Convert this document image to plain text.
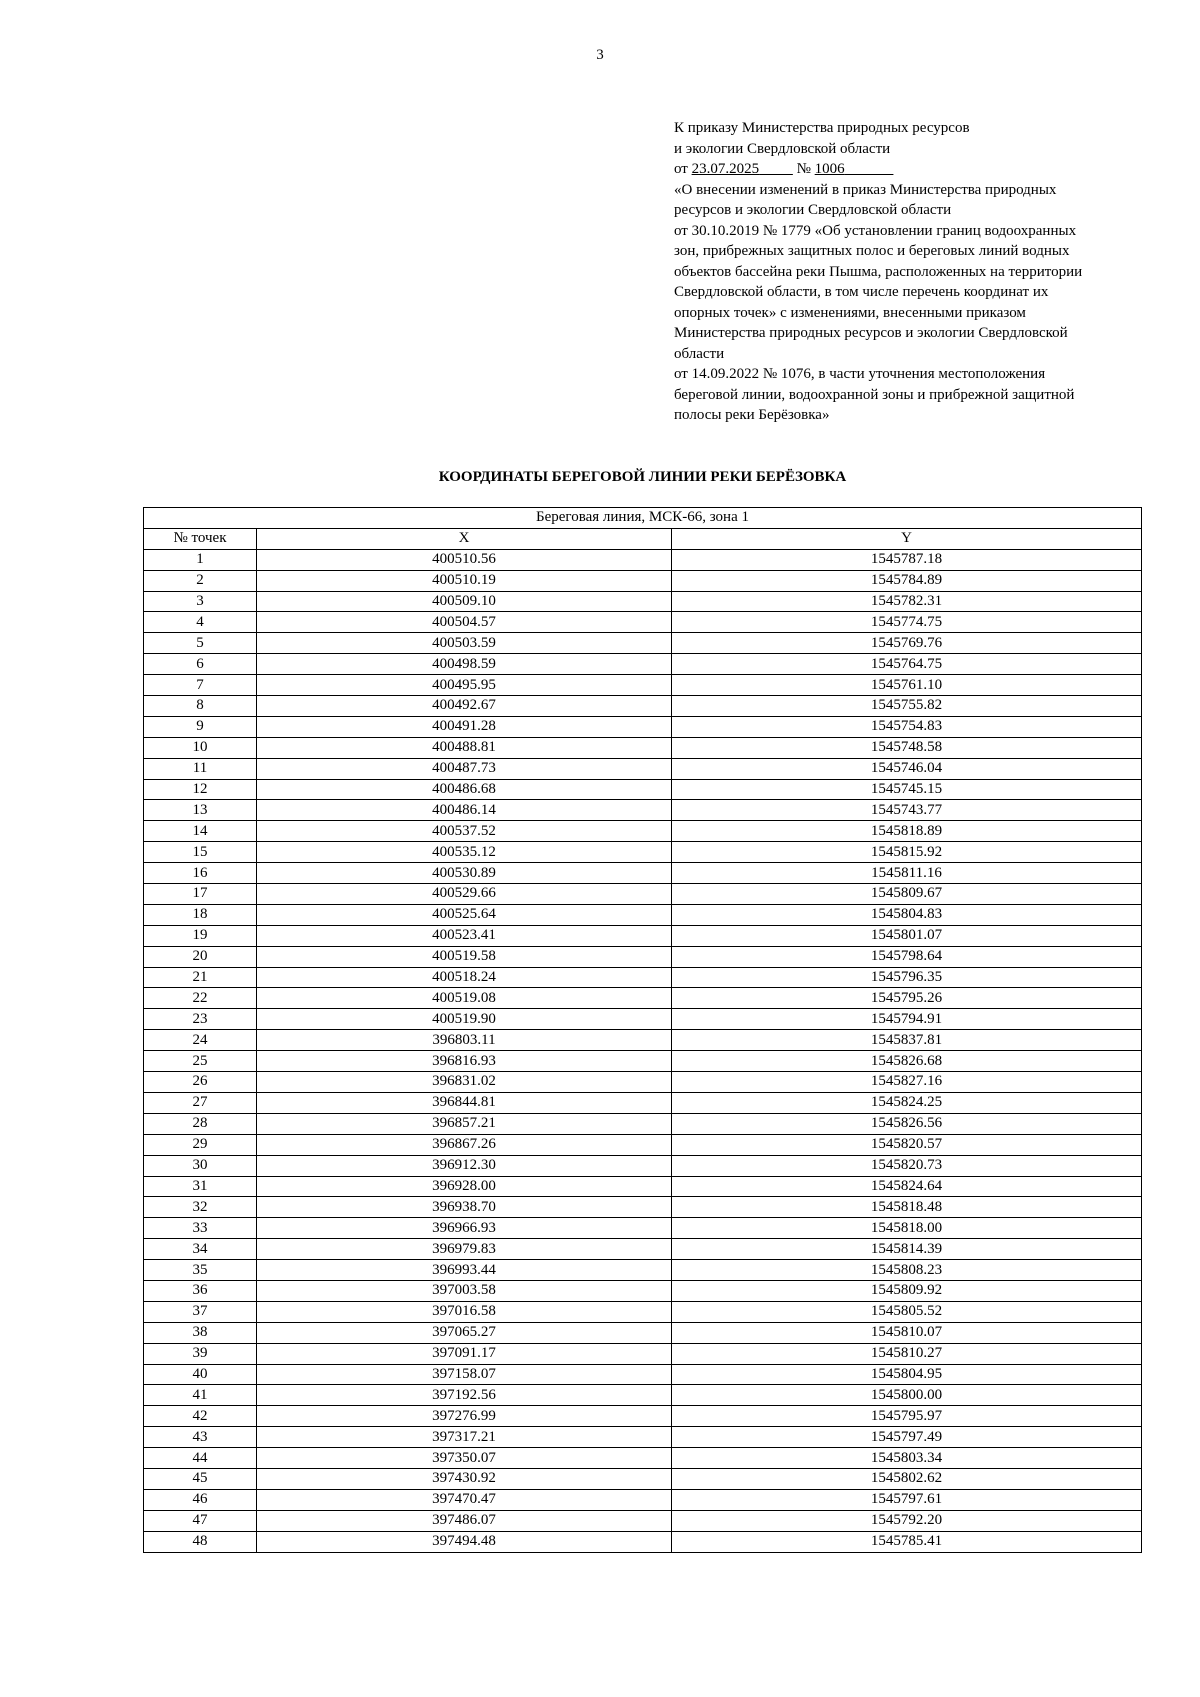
3
К приказу Министерства природных ресурсов
и экологии Свердловской области
от 23.07.2025	№ 1006
«О внесении изменений в приказ Министерства природных
ресурсов и экологии Свердловской области
от 30.10.2019 № 1779 «Об установлении границ водоохранных
зон, прибрежных защитных полос и береговых линий водных
объектов бассейна реки Пышма, расположенных на территории
Свердловской области, в том числе перечень координат их
опорных точек» с изменениями, внесенными приказом
Министерства природных ресурсов и экологии Свердловской
области
от 14.09.2022 № 1076, в части уточнения местоположения
береговой линии, водоохранной зоны и прибрежной защитной
полосы реки Берёзовка»
КООРДИНАТЫ БЕРЕГОВОЙ ЛИНИИ РЕКИ БЕРЁЗОВКА
Береговая линия, МСК-66, зона 1		
№ точек	X	Y
1	400510.56	1545787.18
2	400510.19	1545784.89
3	400509.10	1545782.31
4	400504.57	1545774.75
5	400503.59	1545769.76
6	400498.59	1545764.75
7	400495.95	1545761.10
8	400492.67	1545755.82
9	400491.28	1545754.83
10	400488.81	1545748.58
11	400487.73	1545746.04
12	400486.68	1545745.15
13	400486.14	1545743.77
14	400537.52	1545818.89
15	400535.12	1545815.92
16	400530.89	1545811.16
17	400529.66	1545809.67
18	400525.64	1545804.83
19	400523.41	1545801.07
20	400519.58	1545798.64
21	400518.24	1545796.35
22	400519.08	1545795.26
23	400519.90	1545794.91
24	396803.11	1545837.81
25	396816.93	1545826.68
26	396831.02	1545827.16
27	396844.81	1545824.25
28	396857.21	1545826.56
29	396867.26	1545820.57
30	396912.30	1545820.73
31	396928.00	1545824.64
32	396938.70	1545818.48
33	396966.93	1545818.00
34	396979.83	1545814.39
35	396993.44	1545808.23
36	397003.58	1545809.92
37	397016.58	1545805.52
38	397065.27	1545810.07
39	397091.17	1545810.27
40	397158.07	1545804.95
41	397192.56	1545800.00
42	397276.99	1545795.97
43	397317.21	1545797.49
44	397350.07	1545803.34
45	397430.92	1545802.62
46	397470.47	1545797.61
47	397486.07	1545792.20
48	397494.48	1545785.41
